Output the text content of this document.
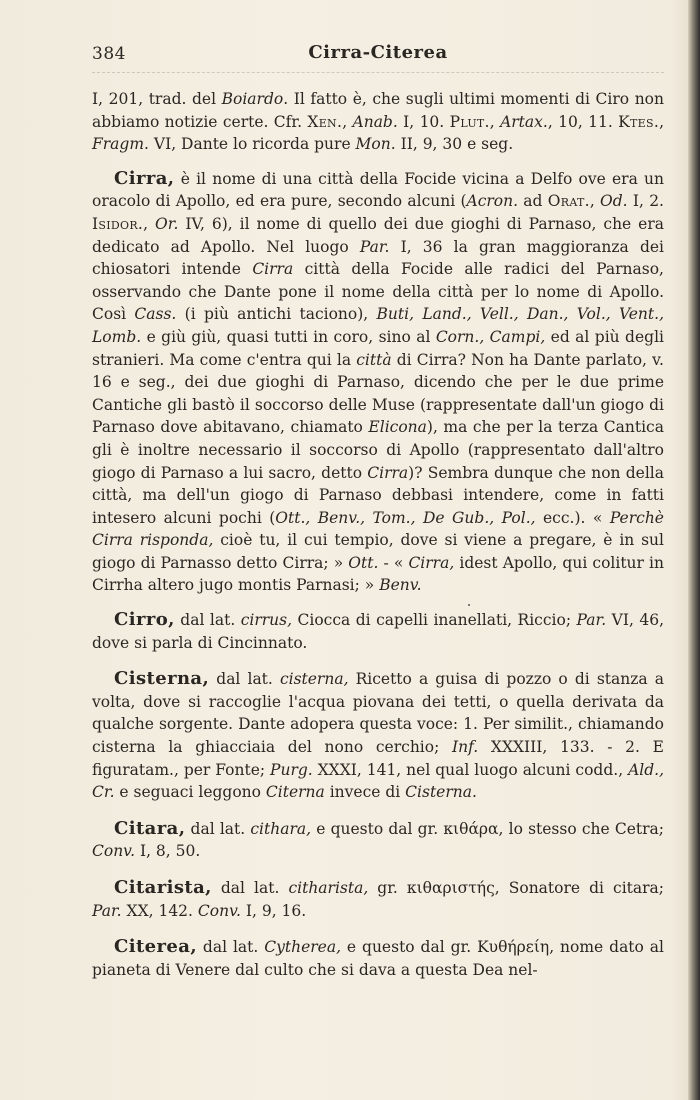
384	Cirra-Citerea

I, 201, trad. del Boiardo. Il fatto è, che sugli ultimi momenti di Ciro non abbiamo notizie certe. Cfr. Xen., Anab. I, 10. Plut., Artax., 10, 11. Ktes., Fragm. VI, Dante lo ricorda pure Mon. II, 9, 30 e seg.

Cirra, è il nome di una città della Focide vicina a Delfo ove era un oracolo di Apollo, ed era pure, secondo alcuni (Acron. ad Orat., Od. I, 2. Isidor., Or. IV, 6), il nome di quello dei due gioghi di Parnaso, che era dedicato ad Apollo. Nel luogo Par. I, 36 la gran maggioranza dei chiosatori intende Cirra città della Focide alle radici del Parnaso, osservando che Dante pone il nome della città per lo nome di Apollo. Così Cass. (i più antichi taciono), Buti, Land., Vell., Dan., Vol., Vent., Lomb. e giù giù, quasi tutti in coro, sino al Corn., Campi, ed al più degli stranieri. Ma come c'entra qui la città di Cirra? Non ha Dante parlato, v. 16 e seg., dei due gioghi di Parnaso, dicendo che per le due prime Cantiche gli bastò il soccorso delle Muse (rappresentate dall'un giogo di Parnaso dove abitavano, chiamato Elicona), ma che per la terza Cantica gli è inoltre necessario il soccorso di Apollo (rappresentato dall'altro giogo di Parnaso a lui sacro, detto Cirra)? Sembra dunque che non della città, ma dell'un giogo di Parnaso debbasi intendere, come in fatti intesero alcuni pochi (Ott., Benv., Tom., De Gub., Pol., ecc.). « Perchè Cirra risponda, cioè tu, il cui tempio, dove si viene a pregare, è in sul giogo di Parnasso detto Cirra; » Ott. - « Cirra, idest Apollo, qui colitur in Cirrha altero jugo montis Parnasi; » Benv.

Cirro, dal lat. cirrus, Ciocca di capelli inanellati, Riccio; Par. VI, 46, dove si parla di Cincinnato.

Cisterna, dal lat. cisterna, Ricetto a guisa di pozzo o di stanza a volta, dove si raccoglie l'acqua piovana dei tetti, o quella derivata da qualche sorgente. Dante adopera questa voce: 1. Per similit., chiamando cisterna la ghiacciaia del nono cerchio; Inf. XXXIII, 133. - 2. E figuratam., per Fonte; Purg. XXXI, 141, nel qual luogo alcuni codd., Ald., Cr. e seguaci leggono Citerna invece di Cisterna.

Citara, dal lat. cithara, e questo dal gr. κιθάρα, lo stesso che Cetra; Conv. I, 8, 50.

Citarista, dal lat. citharista, gr. κιθαριστής, Sonatore di citara; Par. XX, 142. Conv. I, 9, 16.

Citerea, dal lat. Cytherea, e questo dal gr. Κυθήρείη, nome dato al pianeta di Venere dal culto che si dava a questa Dea nel-
